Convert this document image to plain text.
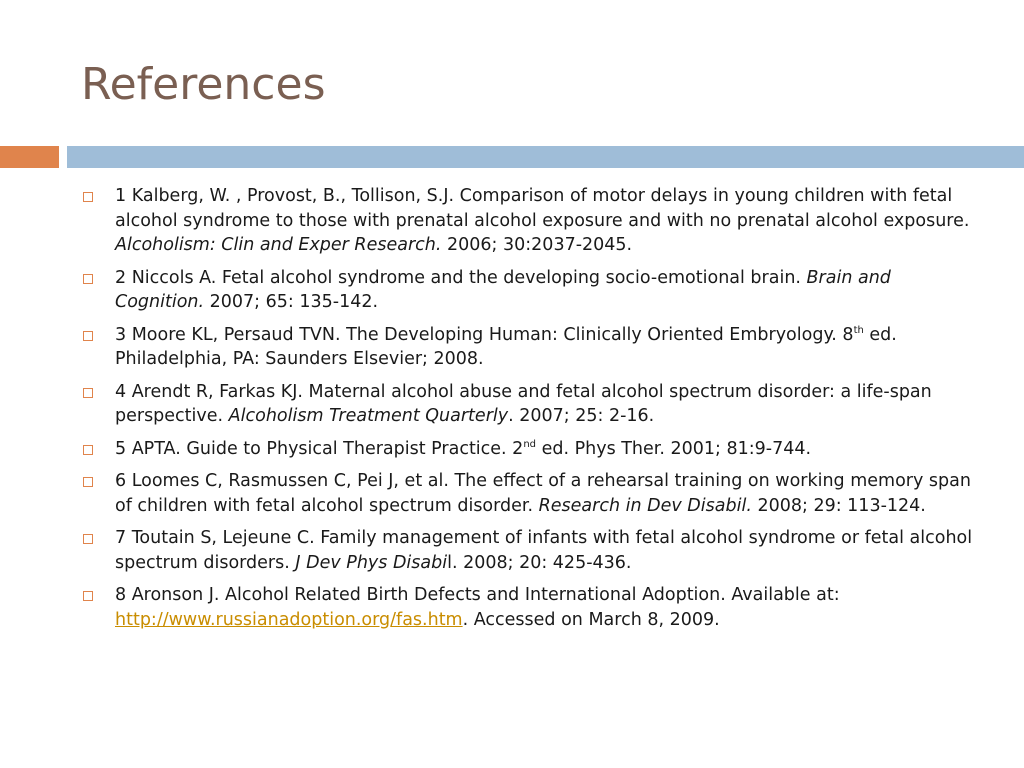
References
1 Kalberg, W. , Provost, B., Tollison, S.J. Comparison of motor delays in young children with fetal alcohol syndrome to those with prenatal alcohol exposure and with no prenatal alcohol exposure. Alcoholism: Clin and Exper Research. 2006; 30:2037-2045.
2 Niccols A. Fetal alcohol syndrome and the developing socio-emotional brain. Brain and Cognition. 2007; 65: 135-142.
3 Moore KL, Persaud TVN. The Developing Human: Clinically Oriented Embryology. 8th ed. Philadelphia, PA: Saunders Elsevier; 2008.
4 Arendt R, Farkas KJ. Maternal alcohol abuse and fetal alcohol spectrum disorder: a life-span perspective. Alcoholism Treatment Quarterly. 2007; 25: 2-16.
5 APTA. Guide to Physical Therapist Practice. 2nd ed. Phys Ther. 2001; 81:9-744.
6 Loomes C, Rasmussen C, Pei J, et al. The effect of a rehearsal training on working memory span of children with fetal alcohol spectrum disorder. Research in Dev Disabil. 2008; 29: 113-124.
7 Toutain S, Lejeune C. Family management of infants with fetal alcohol syndrome or fetal alcohol spectrum disorders. J Dev Phys Disabil. 2008; 20: 425-436.
8 Aronson J. Alcohol Related Birth Defects and International Adoption. Available at: http://www.russianadoption.org/fas.htm. Accessed on March 8, 2009.
